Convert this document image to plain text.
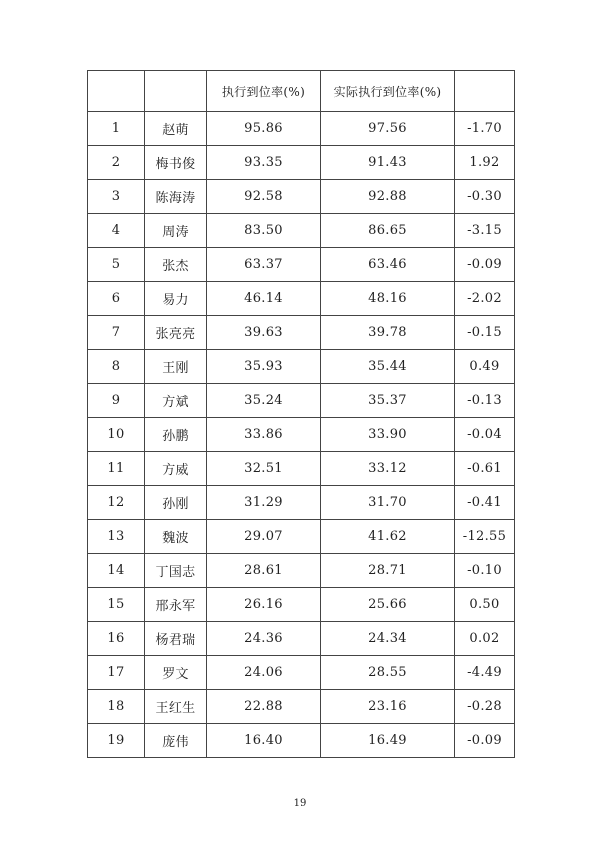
		执行到位率(%)	实际执行到位率(%)	
1	赵萌	95.86	97.56	-1.70
2	梅书俊	93.35	91.43	1.92
3	陈海涛	92.58	92.88	-0.30
4	周涛	83.50	86.65	-3.15
5	张杰	63.37	63.46	-0.09
6	易力	46.14	48.16	-2.02
7	张亮亮	39.63	39.78	-0.15
8	王刚	35.93	35.44	0.49
9	方斌	35.24	35.37	-0.13
10	孙鹏	33.86	33.90	-0.04
11	方威	32.51	33.12	-0.61
12	孙刚	31.29	31.70	-0.41
13	魏波	29.07	41.62	-12.55
14	丁国志	28.61	28.71	-0.10
15	邢永军	26.16	25.66	0.50
16	杨君瑞	24.36	24.34	0.02
17	罗文	24.06	28.55	-4.49
18	王红生	22.88	23.16	-0.28
19	庞伟	16.40	16.49	-0.09
19
